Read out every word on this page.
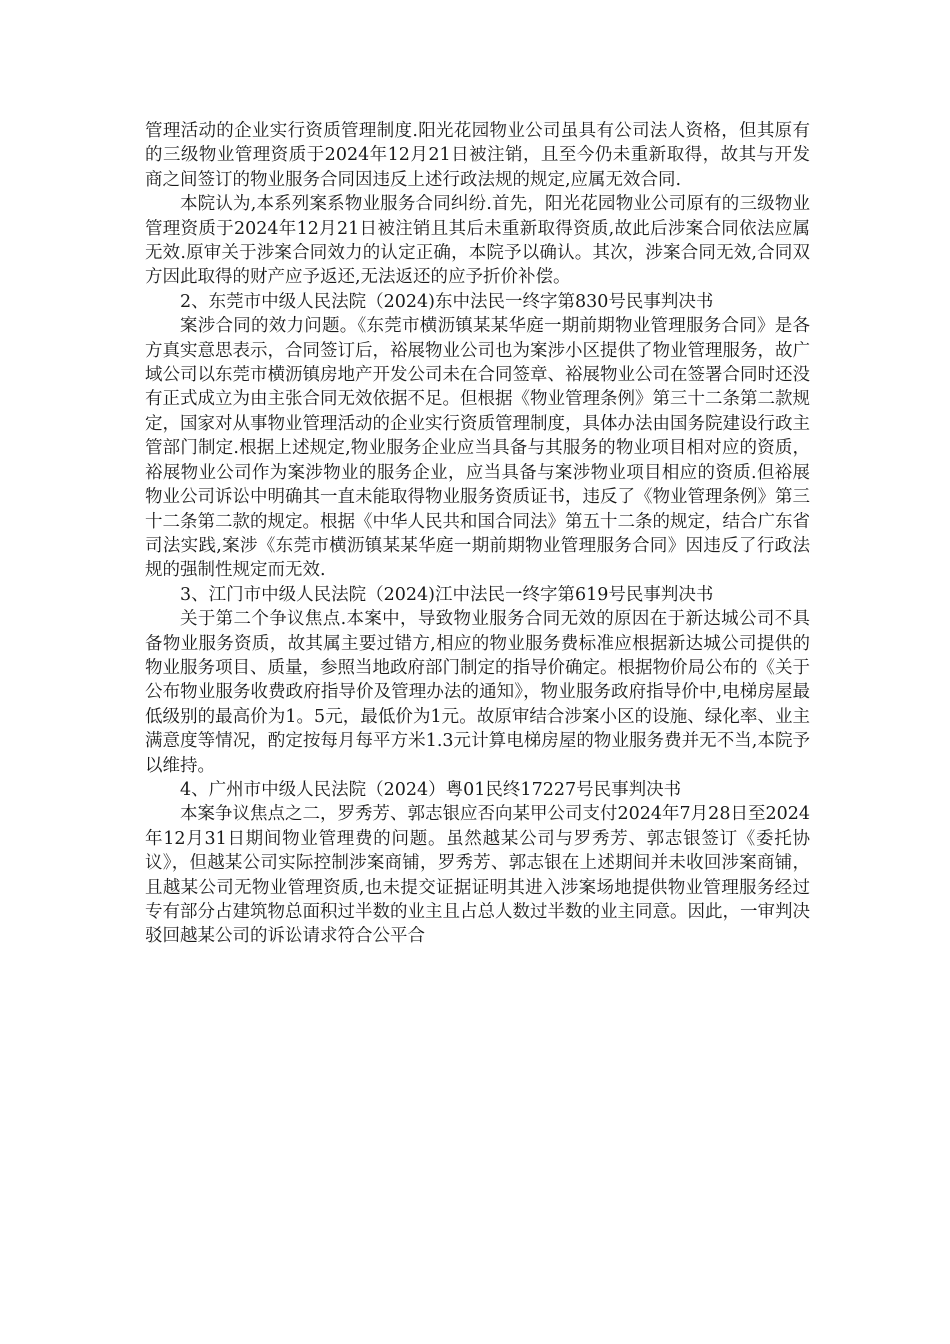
管理活动的企业实行资质管理制度.阳光花园物业公司虽具有公司法人资格，但其原有的三级物业管理资质于2024年12月21日被注销，且至今仍未重新取得，故其与开发商之间签订的物业服务合同因违反上述行政法规的规定,应属无效合同.

本院认为,本系列案系物业服务合同纠纷.首先，阳光花园物业公司原有的三级物业管理资质于2024年12月21日被注销且其后未重新取得资质,故此后涉案合同依法应属无效.原审关于涉案合同效力的认定正确，本院予以确认。其次，涉案合同无效,合同双方因此取得的财产应予返还,无法返还的应予折价补偿。

2、东莞市中级人民法院（2024)东中法民一终字第830号民事判决书

案涉合同的效力问题。《东莞市横沥镇某某华庭一期前期物业管理服务合同》是各方真实意思表示，合同签订后，裕展物业公司也为案涉小区提供了物业管理服务，故广域公司以东莞市横沥镇房地产开发公司未在合同签章、裕展物业公司在签署合同时还没有正式成立为由主张合同无效依据不足。但根据《物业管理条例》第三十二条第二款规定，国家对从事物业管理活动的企业实行资质管理制度，具体办法由国务院建设行政主管部门制定.根据上述规定,物业服务企业应当具备与其服务的物业项目相对应的资质，裕展物业公司作为案涉物业的服务企业，应当具备与案涉物业项目相应的资质.但裕展物业公司诉讼中明确其一直未能取得物业服务资质证书，违反了《物业管理条例》第三十二条第二款的规定。根据《中华人民共和国合同法》第五十二条的规定，结合广东省司法实践,案涉《东莞市横沥镇某某华庭一期前期物业管理服务合同》因违反了行政法规的强制性规定而无效.

3、江门市中级人民法院（2024)江中法民一终字第619号民事判决书

关于第二个争议焦点.本案中，导致物业服务合同无效的原因在于新达城公司不具备物业服务资质，故其属主要过错方,相应的物业服务费标准应根据新达城公司提供的物业服务项目、质量，参照当地政府部门制定的指导价确定。根据物价局公布的《关于公布物业服务收费政府指导价及管理办法的通知》，物业服务政府指导价中,电梯房屋最低级别的最高价为1。5元，最低价为1元。故原审结合涉案小区的设施、绿化率、业主满意度等情况，酌定按每月每平方米1.3元计算电梯房屋的物业服务费并无不当,本院予以维持。

4、广州市中级人民法院（2024）粤01民终17227号民事判决书

本案争议焦点之二，罗秀芳、郭志银应否向某甲公司支付2024年7月28日至2024年12月31日期间物业管理费的问题。虽然越某公司与罗秀芳、郭志银签订《委托协议》，但越某公司实际控制涉案商铺，罗秀芳、郭志银在上述期间并未收回涉案商铺，且越某公司无物业管理资质,也未提交证据证明其进入涉案场地提供物业管理服务经过专有部分占建筑物总面积过半数的业主且占总人数过半数的业主同意。因此，一审判决驳回越某公司的诉讼请求符合公平合
